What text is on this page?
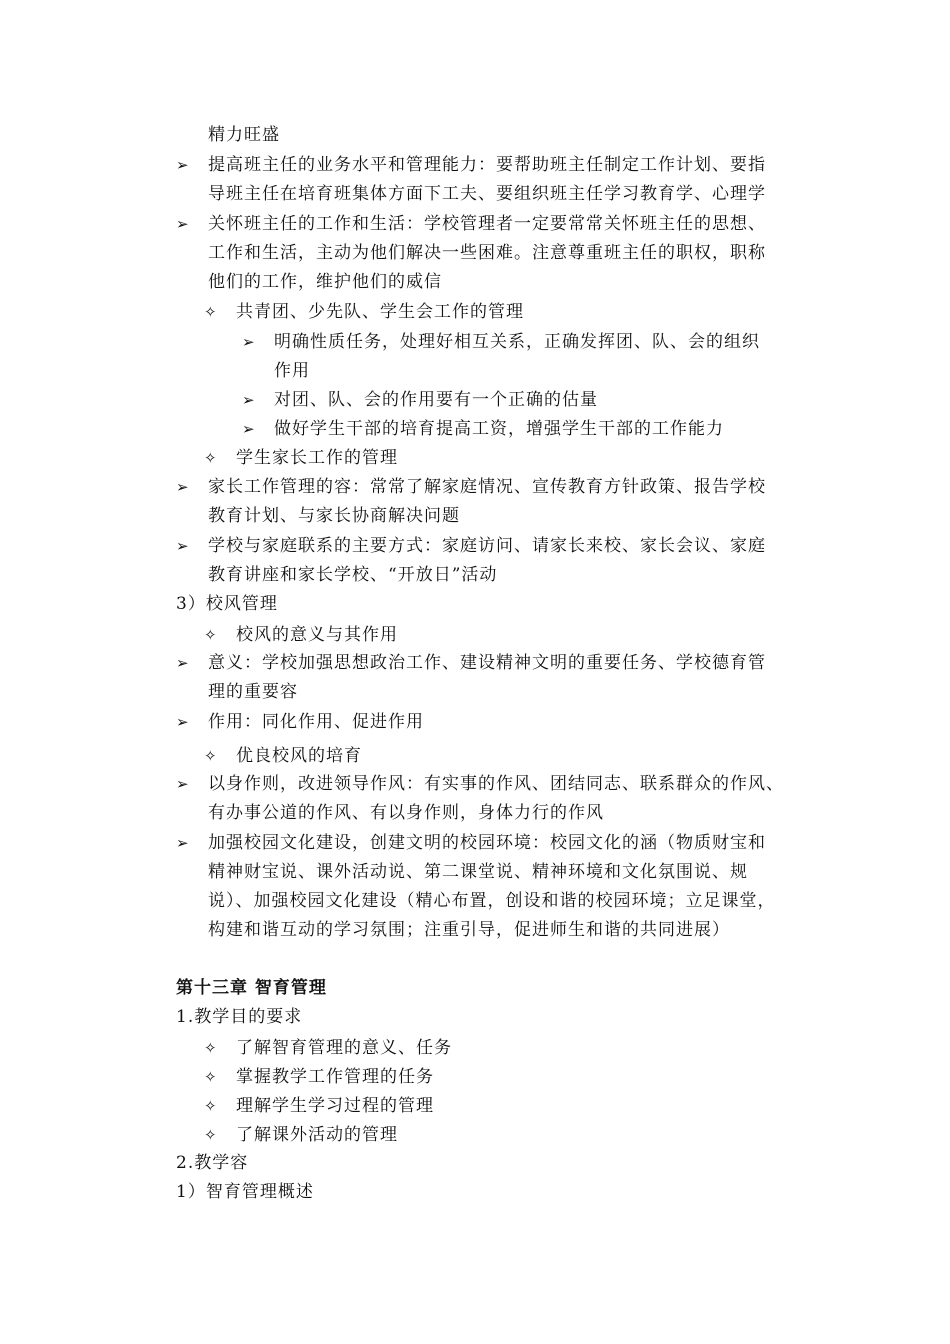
精力旺盛
➢ 提高班主任的业务水平和管理能力：要帮助班主任制定工作计划、要指
导班主任在培育班集体方面下工夫、要组织班主任学习教育学、心理学
➢ 关怀班主任的工作和生活：学校管理者一定要常常关怀班主任的思想、
工作和生活，主动为他们解决一些困难。注意尊重班主任的职权，职称
他们的工作，维护他们的威信
✧ 共青团、少先队、学生会工作的管理
➢ 明确性质任务，处理好相互关系，正确发挥团、队、会的组织
作用
➢ 对团、队、会的作用要有一个正确的估量
➢ 做好学生干部的培育提高工资，增强学生干部的工作能力
✧ 学生家长工作的管理
➢ 家长工作管理的容：常常了解家庭情况、宣传教育方针政策、报告学校
教育计划、与家长协商解决问题
➢ 学校与家庭联系的主要方式：家庭访问、请家长来校、家长会议、家庭
教育讲座和家长学校、“开放日”活动
3）校风管理
✧ 校风的意义与其作用
➢ 意义：学校加强思想政治工作、建设精神文明的重要任务、学校德育管
理的重要容
➢ 作用：同化作用、促进作用
✧ 优良校风的培育
➢ 以身作则，改进领导作风：有实事的作风、团结同志、联系群众的作风、
有办事公道的作风、有以身作则，身体力行的作风
➢ 加强校园文化建设，创建文明的校园环境：校园文化的涵（物质财宝和
精神财宝说、课外活动说、第二课堂说、精神环境和文化氛围说、规
说）、加强校园文化建设（精心布置，创设和谐的校园环境；立足课堂，
构建和谐互动的学习氛围；注重引导，促进师生和谐的共同进展）
第十三章 智育管理
1.教学目的要求
✧ 了解智育管理的意义、任务
✧ 掌握教学工作管理的任务
✧ 理解学生学习过程的管理
✧ 了解课外活动的管理
2.教学容
1）智育管理概述
